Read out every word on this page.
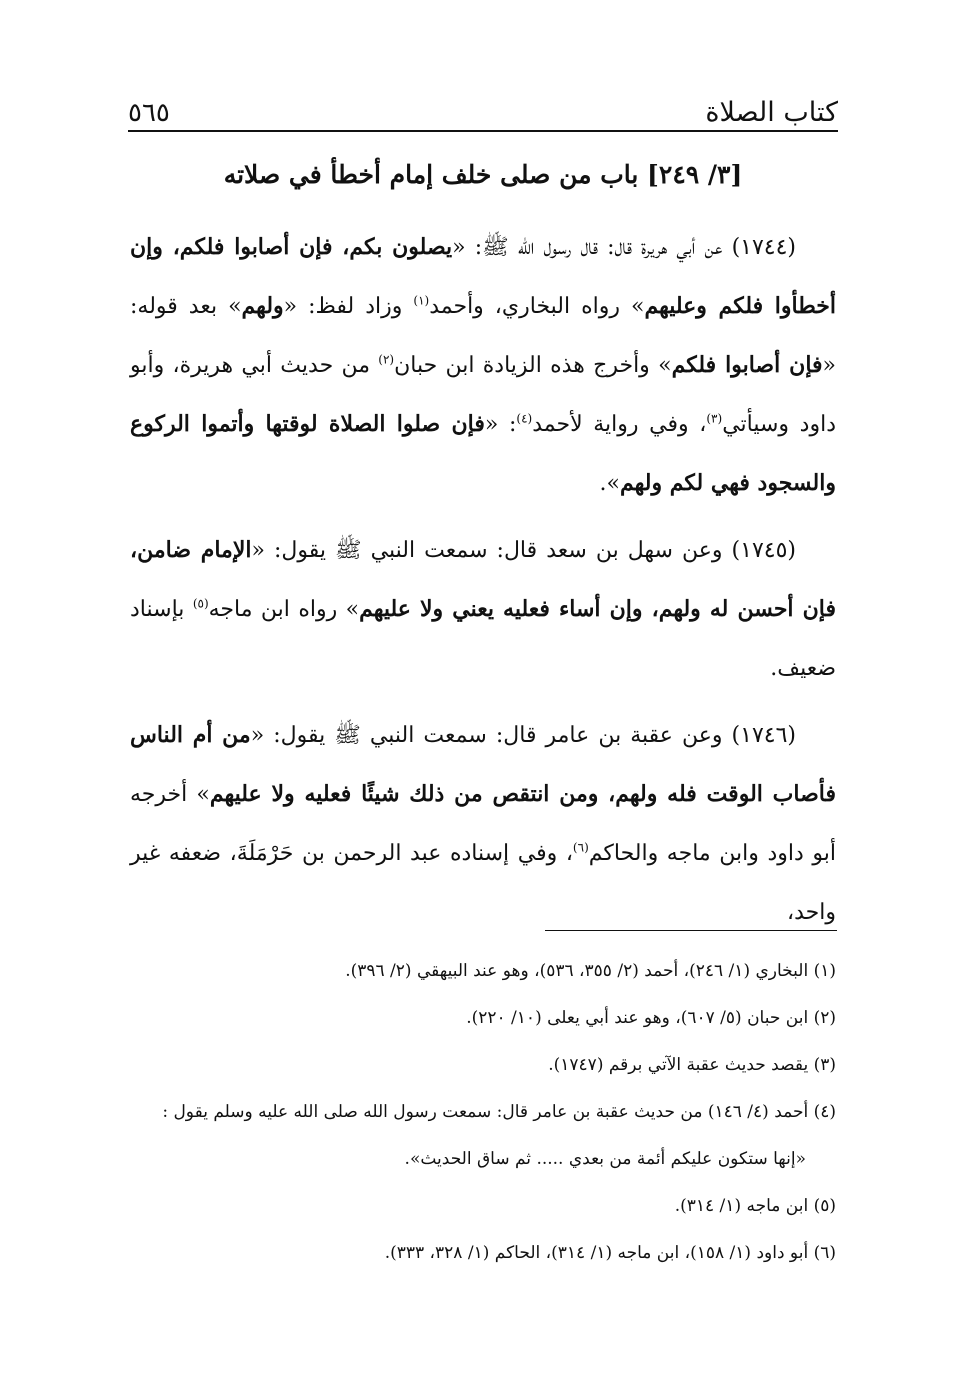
كتاب الصلاة
٥٦٥
[٣/ ٢٤٩] باب من صلى خلف إمام أخطأ في صلاته

(١٧٤٤) عن أبي هريرة قال: قال رسول الله ﷺ: «يصلون بكم، فإن أصابوا فلكم، وإن أخطأوا فلكم وعليهم» رواه البخاري، وأحمد$^{(١)}$ وزاد لفظ: «ولهم» بعد قوله: «فإن أصابوا فلكم» وأخرج هذه الزيادة ابن حبان$^{(٢)}$ من حديث أبي هريرة، وأبو داود وسيأتي$^{(٣)}$، وفي رواية لأحمد$^{(٤)}$: «فإن صلوا الصلاة لوقتها وأتموا الركوع والسجود فهي لكم ولهم».

(١٧٤٥) وعن سهل بن سعد قال: سمعت النبي ﷺ يقول: «الإمام ضامن، فإن أحسن له ولهم، وإن أساء فعليه يعني ولا عليهم» رواه ابن ماجه$^{(٥)}$ بإسناد ضعيف.

(١٧٤٦) وعن عقبة بن عامر قال: سمعت النبي ﷺ يقول: «من أم الناس فأصاب الوقت فله ولهم، ومن انتقص من ذلك شيئًا فعليه ولا عليهم» أخرجه أبو داود وابن ماجه والحاكم$^{(٦)}$، وفي إسناده عبد الرحمن بن حَرْمَلَةَ، ضعفه غير واحد،

(١) البخاري (١/ ٢٤٦)، أحمد (٢/ ٣٥٥، ٥٣٦)، وهو عند البيهقي (٢/ ٣٩٦).

(٢) ابن حبان (٥/ ٦٠٧)، وهو عند أبي يعلى (١٠/ ٢٢٠).

(٣) يقصد حديث عقبة الآتي برقم (١٧٤٧).

(٤) أحمد (٤/ ١٤٦) من حديث عقبة بن عامر قال: سمعت رسول الله صلى الله عليه وسلم يقول :

«إنها ستكون عليكم أئمة من بعدي ..... ثم ساق الحديث».

(٥) ابن ماجه (١/ ٣١٤).

(٦) أبو داود (١/ ١٥٨)، ابن ماجه (١/ ٣١٤)، الحاكم (١/ ٣٢٨، ٣٣٣).
